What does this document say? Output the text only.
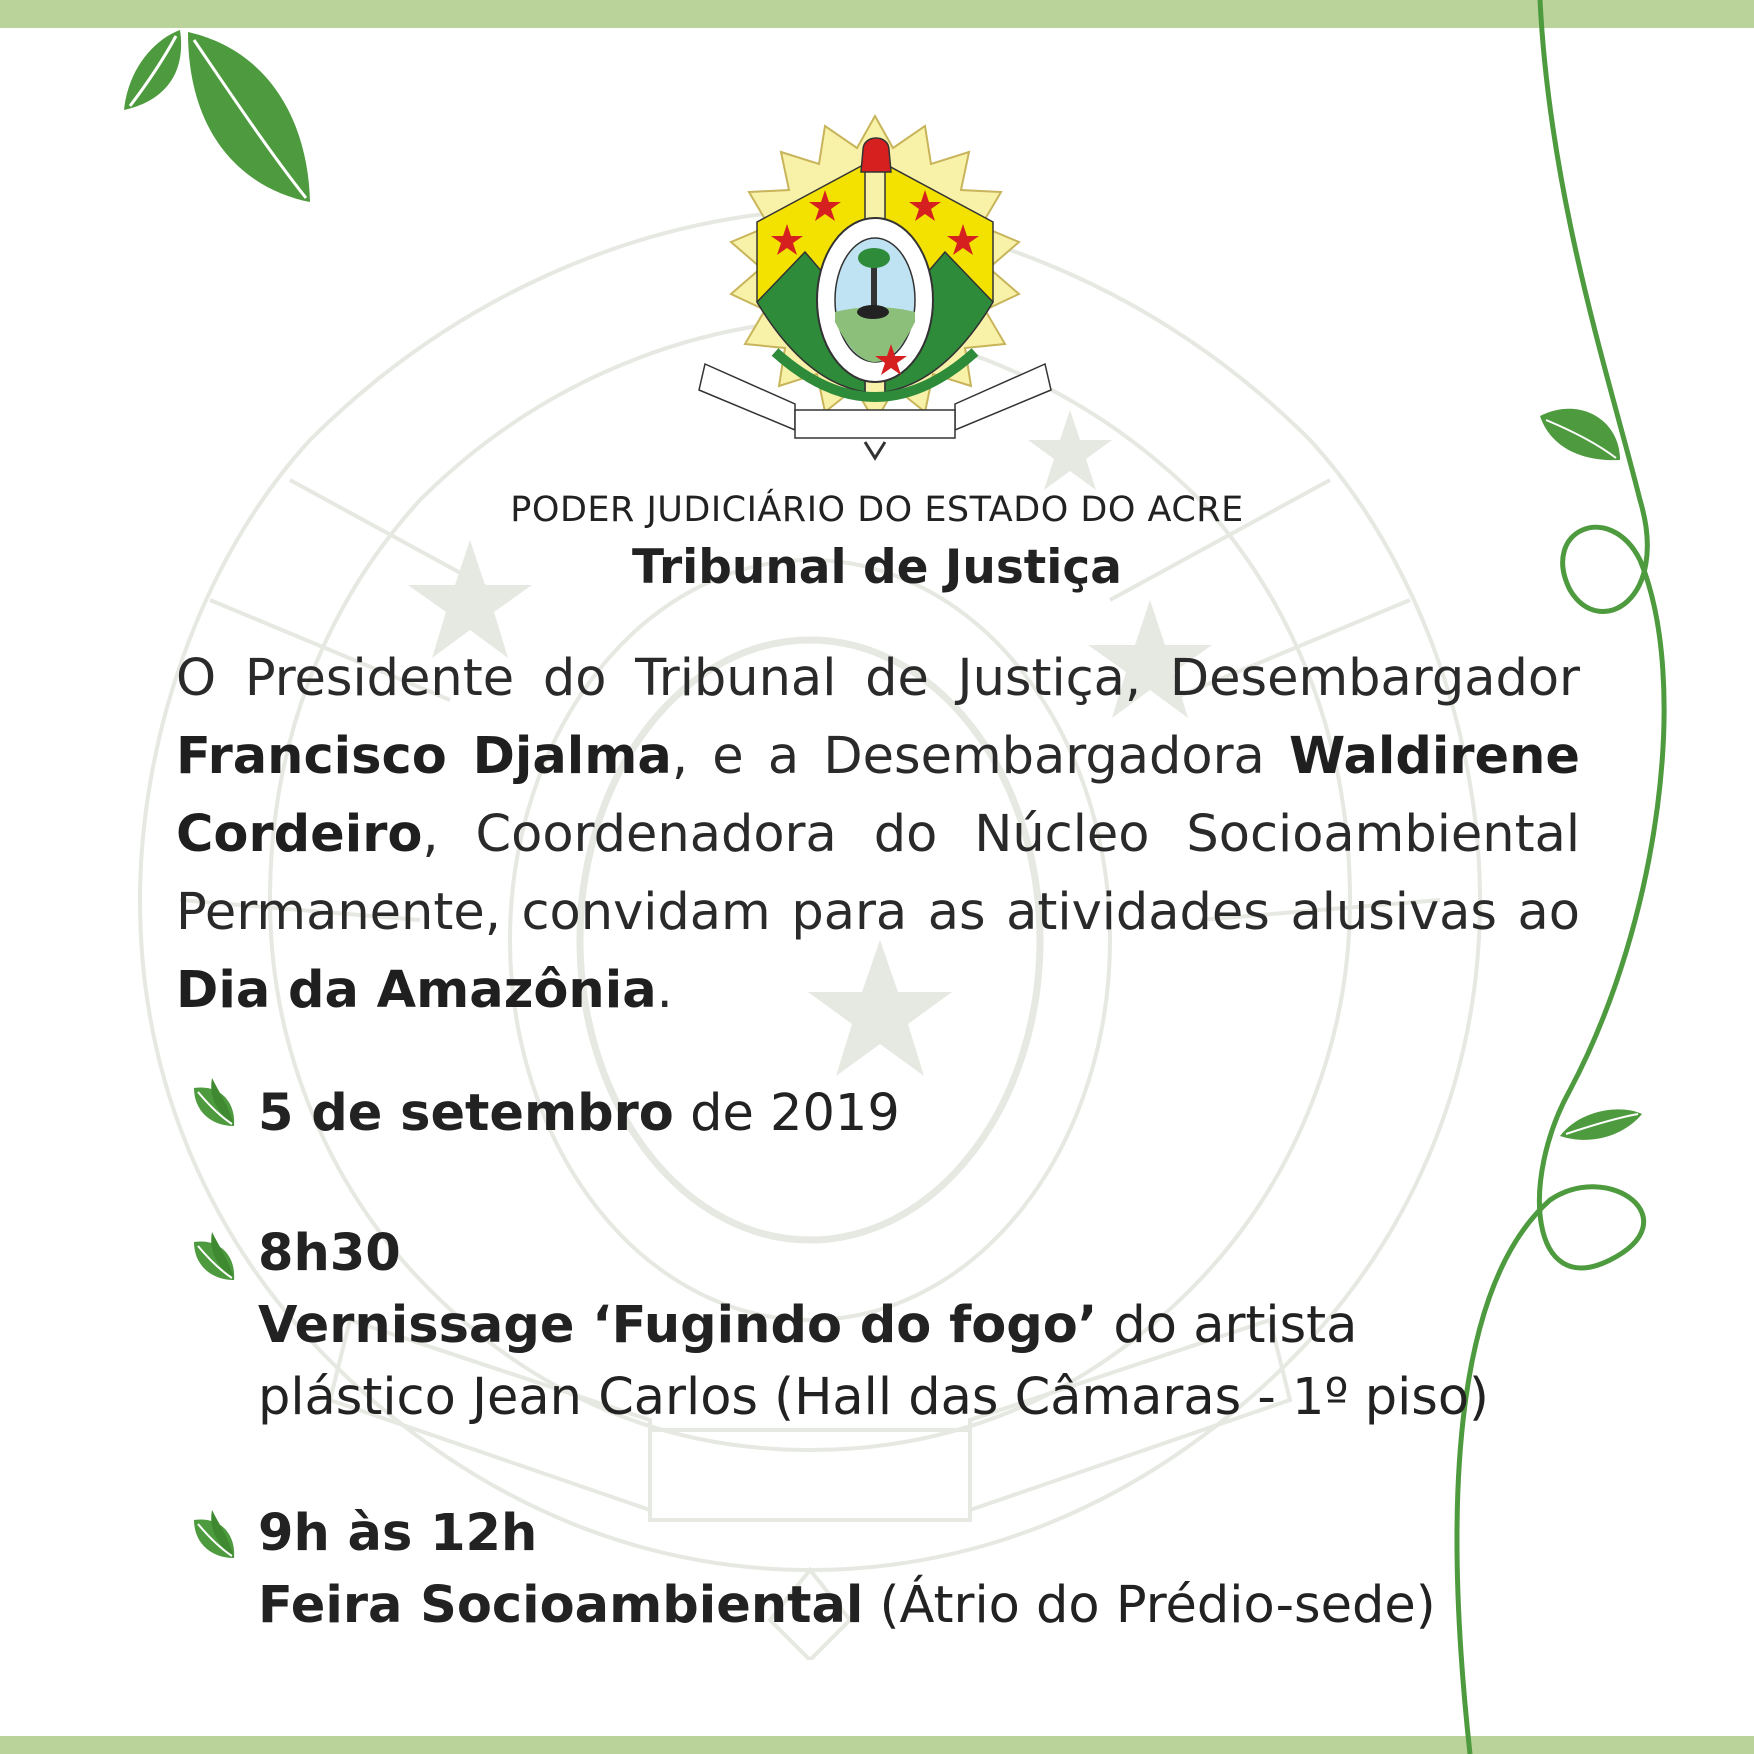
PODER JUDICIÁRIO DO ESTADO DO ACRE
Tribunal de Justiça
O Presidente do Tribunal de Justiça, Desembargador Francisco Djalma, e a Desembargadora Waldirene Cordeiro, Coordenadora do Núcleo Socioambiental Permanente, convidam para as atividades alusivas ao Dia da Amazônia.
5 de setembro de 2019
8h30
Vernissage ‘Fugindo do fogo’ do artista
plástico Jean Carlos (Hall das Câmaras - 1º piso)
9h às 12h
Feira Socioambiental (Átrio do Prédio-sede)
